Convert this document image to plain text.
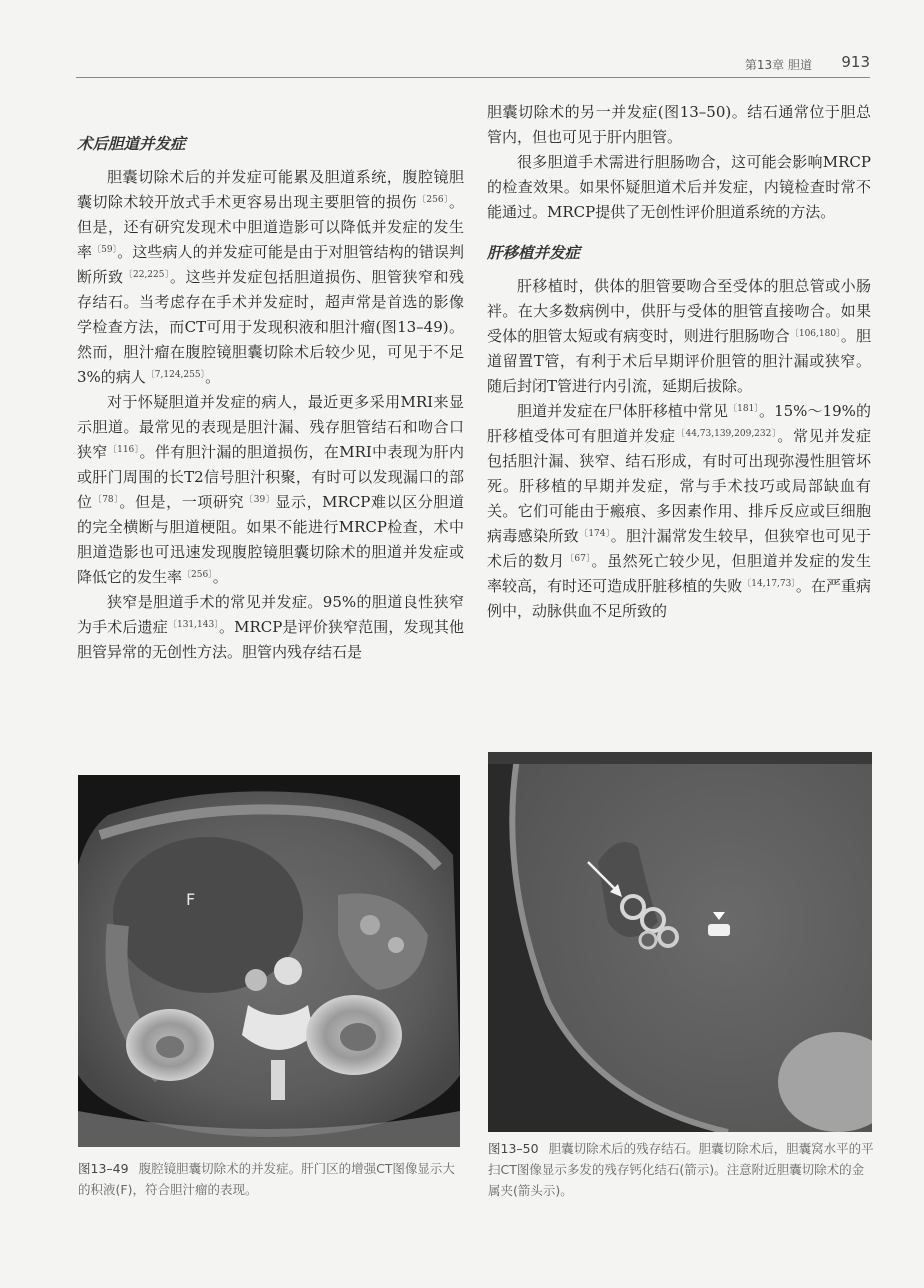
第13章 胆道 913
术后胆道并发症

胆囊切除术后的并发症可能累及胆道系统，腹腔镜胆囊切除术较开放式手术更容易出现主要胆管的损伤$^{〔256〕}$。但是，还有研究发现术中胆道造影可以降低并发症的发生率$^{〔59〕}$。这些病人的并发症可能是由于对胆管结构的错误判断所致$^{〔22,225〕}$。这些并发症包括胆道损伤、胆管狭窄和残存结石。当考虑存在手术并发症时，超声常是首选的影像学检查方法，而CT可用于发现积液和胆汁瘤(图13–49)。然而，胆汁瘤在腹腔镜胆囊切除术后较少见，可见于不足3%的病人$^{〔7,124,255〕}$。

对于怀疑胆道并发症的病人，最近更多采用MRI来显示胆道。最常见的表现是胆汁漏、残存胆管结石和吻合口狭窄$^{〔116〕}$。伴有胆汁漏的胆道损伤，在MRI中表现为肝内或肝门周围的长T2信号胆汁积聚，有时可以发现漏口的部位$^{〔78〕}$。但是，一项研究$^{〔39〕}$显示，MRCP难以区分胆道的完全横断与胆道梗阻。如果不能进行MRCP检查，术中胆道造影也可迅速发现腹腔镜胆囊切除术的胆道并发症或降低它的发生率$^{〔256〕}$。

狭窄是胆道手术的常见并发症。95%的胆道良性狭窄为手术后遗症$^{〔131,143〕}$。MRCP是评价狭窄范围，发现其他胆管异常的无创性方法。胆管内残存结石是

胆囊切除术的另一并发症(图13–50)。结石通常位于胆总管内，但也可见于肝内胆管。

很多胆道手术需进行胆肠吻合，这可能会影响MRCP的检查效果。如果怀疑胆道术后并发症，内镜检查时常不能通过。MRCP提供了无创性评价胆道系统的方法。

肝移植并发症

肝移植时，供体的胆管要吻合至受体的胆总管或小肠袢。在大多数病例中，供肝与受体的胆管直接吻合。如果受体的胆管太短或有病变时，则进行胆肠吻合$^{〔106,180〕}$。胆道留置T管，有利于术后早期评价胆管的胆汁漏或狭窄。随后封闭T管进行内引流，延期后拔除。

胆道并发症在尸体肝移植中常见$^{〔181〕}$。15%～19%的肝移植受体可有胆道并发症$^{〔44,73,139,209,232〕}$。常见并发症包括胆汁漏、狭窄、结石形成，有时可出现弥漫性胆管坏死。肝移植的早期并发症，常与手术技巧或局部缺血有关。它们可能由于瘢痕、多因素作用、排斥反应或巨细胞病毒感染所致$^{〔174〕}$。胆汁漏常发生较早，但狭窄也可见于术后的数月$^{〔67〕}$。虽然死亡较少见，但胆道并发症的发生率较高，有时还可造成肝脏移植的失败$^{〔14,17,73〕}$。在严重病例中，动脉供血不足所致的

F
图13–49 腹腔镜胆囊切除术的并发症。肝门区的增强CT图像显示大的积液(F)，符合胆汁瘤的表现。
图13–50 胆囊切除术后的残存结石。胆囊切除术后，胆囊窝水平的平扫CT图像显示多发的残存钙化结石(箭示)。注意附近胆囊切除术的金属夹(箭头示)。
